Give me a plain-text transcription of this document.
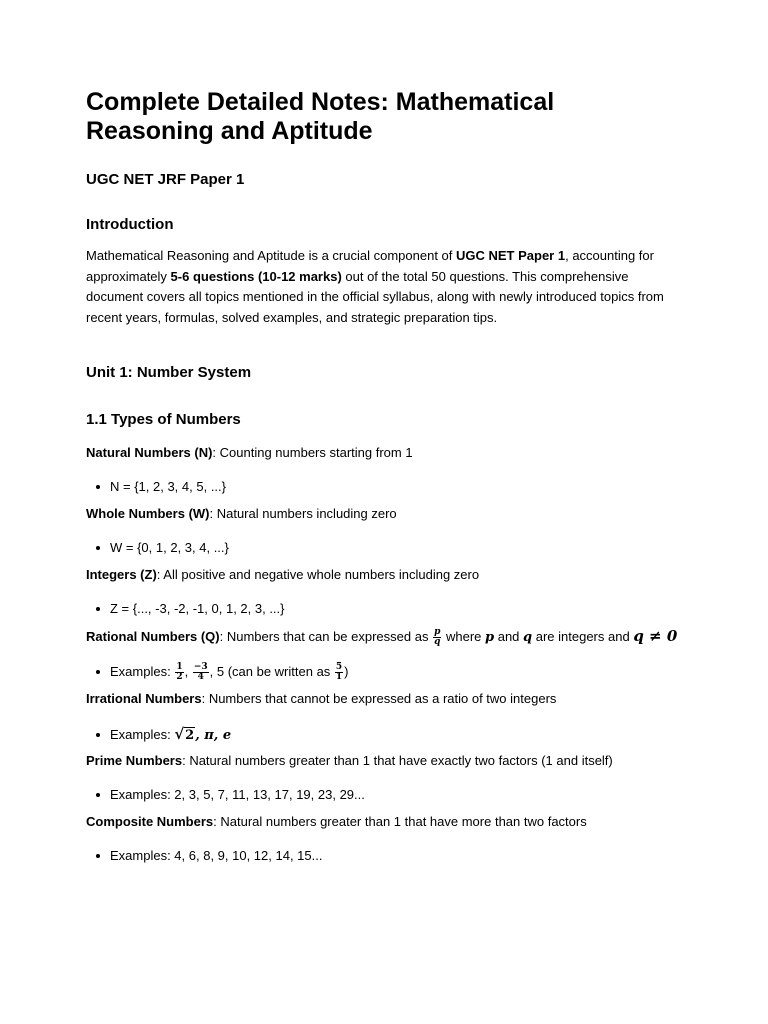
Complete Detailed Notes: Mathematical Reasoning and Aptitude
UGC NET JRF Paper 1
Introduction

Mathematical Reasoning and Aptitude is a crucial component of UGC NET Paper 1, accounting for approximately 5-6 questions (10-12 marks) out of the total 50 questions. This comprehensive document covers all topics mentioned in the official syllabus, along with newly introduced topics from recent years, formulas, solved examples, and strategic preparation tips.

Unit 1: Number System
1.1 Types of Numbers
Natural Numbers (N): Counting numbers starting from 1
N = {1, 2, 3, 4, 5, ...}
Whole Numbers (W): Natural numbers including zero
W = {0, 1, 2, 3, 4, ...}
Integers (Z): All positive and negative whole numbers including zero
Z = {..., -3, -2, -1, 0, 1, 2, 3, ...}
Rational Numbers (Q): Numbers that can be expressed as $\frac{p}{q}$ where p and q are integers and q ≠ 0
Examples: $\frac{1}{2}$ , $\frac{-3}{4}$ , 5 (can be written as $\frac{5}{1}$ )
Irrational Numbers: Numbers that cannot be expressed as a ratio of two integers
Examples: √2, π, e
Prime Numbers: Natural numbers greater than 1 that have exactly two factors (1 and itself)
Examples: 2, 3, 5, 7, 11, 13, 17, 19, 23, 29...
Composite Numbers: Natural numbers greater than 1 that have more than two factors
Examples: 4, 6, 8, 9, 10, 12, 14, 15...
